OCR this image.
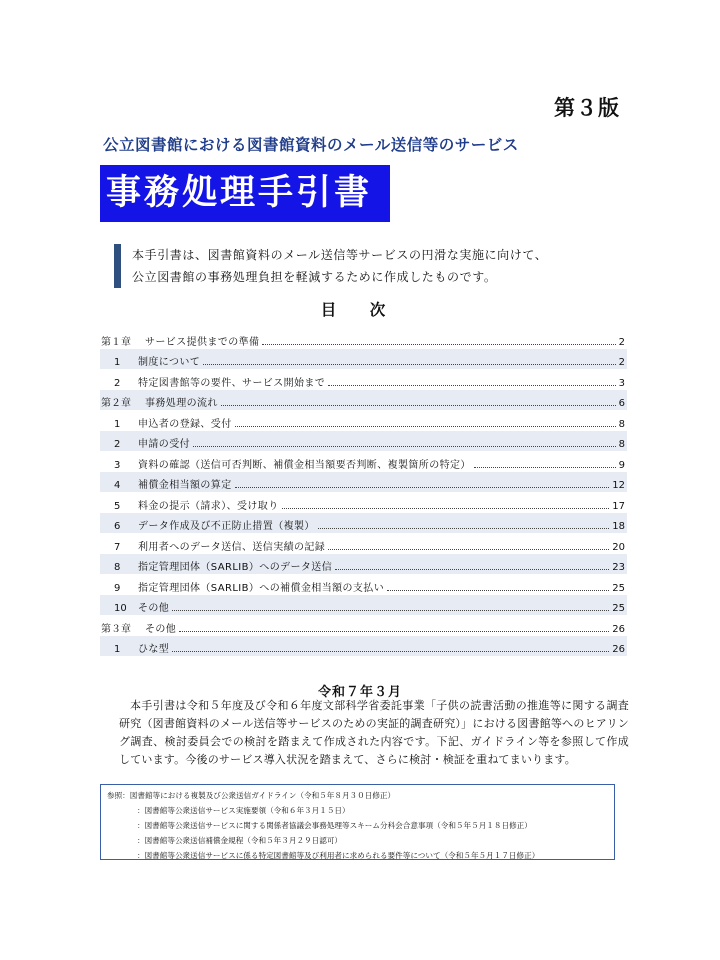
第３版
公立図書館における図書館資料のメール送信等のサービス
事務処理手引書
本手引書は、図書館資料のメール送信等サービスの円滑な実施に向けて、
公立図書館の事務処理負担を軽減するために作成したものです。
目 次
第１章	サービス提供までの準備	2
1	制度について	2
2	特定図書館等の要件、サービス開始まで	3
第２章	事務処理の流れ	6
1	申込者の登録、受付	8
2	申請の受付	8
3	資料の確認（送信可否判断、補償金相当額要否判断、複製箇所の特定）	9
4	補償金相当額の算定	12
5	料金の提示（請求）、受け取り	17
6	データ作成及び不正防止措置（複製）	18
7	利用者へのデータ送信、送信実績の記録	20
8	指定管理団体（SARLIB）へのデータ送信	23
9	指定管理団体（SARLIB）への補償金相当額の支払い	25
10	その他	25
第３章	その他	26
1	ひな型	26
令和７年３月
本手引書は令和５年度及び令和６年度文部科学省委託事業「子供の読書活動の推進等に関する調査研究（図書館資料のメール送信等サービスのための実証的調査研究）」における図書館等へのヒアリング調査、検討委員会での検討を踏まえて作成された内容です。下記、ガイドライン等を参照して作成しています。今後のサービス導入状況を踏まえて、さらに検討・検証を重ねてまいります。
参照：図書館等における複製及び公衆送信ガイドライン（令和５年８月３０日修正）
：図書館等公衆送信サービス実施要領（令和６年３月１５日）
：図書館等公衆送信サービスに関する関係者協議会事務処理等スキーム分科会合意事項（令和５年５月１８日修正）
：図書館等公衆送信補償金規程（令和５年３月２９日認可）
：図書館等公衆送信サービスに係る特定図書館等及び利用者に求められる要件等について（令和５年５月１７日修正）
